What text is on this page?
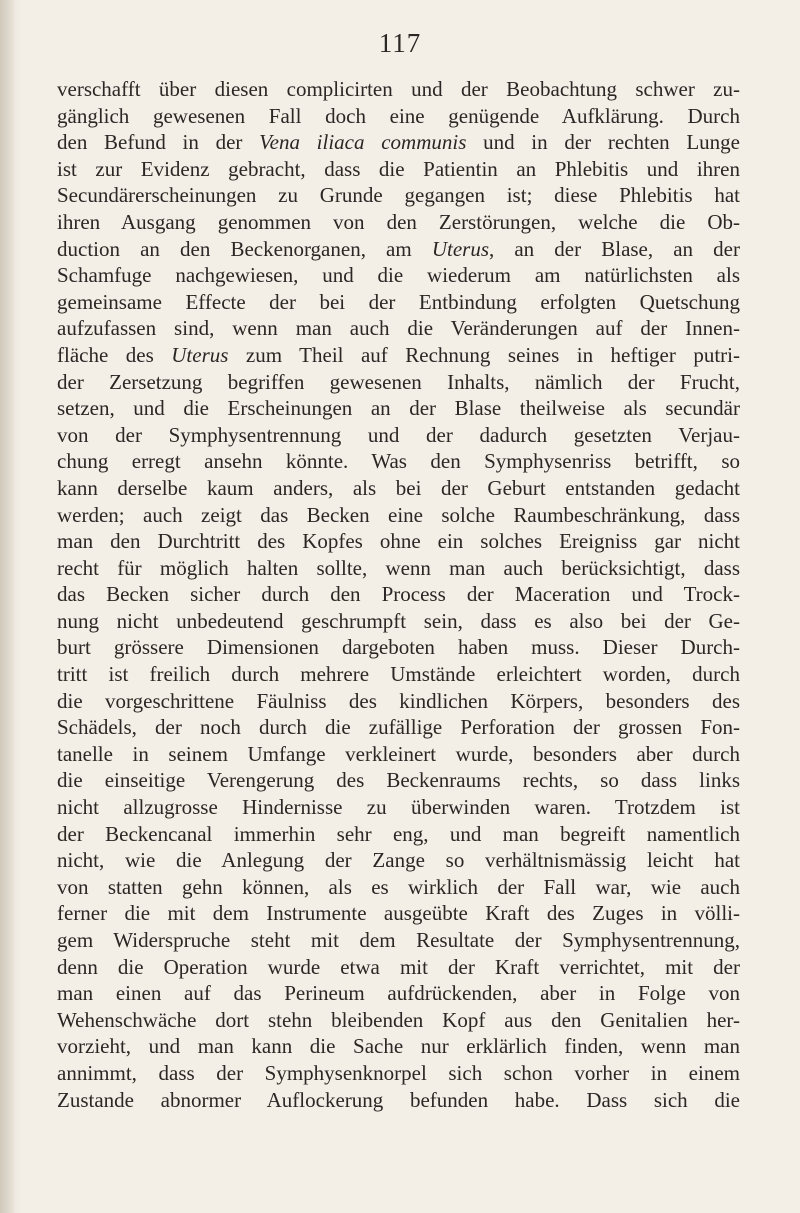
117
verschafft über diesen complicirten und der Beobachtung schwer zu-
gänglich gewesenen Fall doch eine genügende Aufklärung. Durch
den Befund in der Vena iliaca communis und in der rechten Lunge
ist zur Evidenz gebracht, dass die Patientin an Phlebitis und ihren
Secundärerscheinungen zu Grunde gegangen ist; diese Phlebitis hat
ihren Ausgang genommen von den Zerstörungen, welche die Ob-
duction an den Beckenorganen, am Uterus, an der Blase, an der
Schamfuge nachgewiesen, und die wiederum am natürlichsten als
gemeinsame Effecte der bei der Entbindung erfolgten Quetschung
aufzufassen sind, wenn man auch die Veränderungen auf der Innen-
fläche des Uterus zum Theil auf Rechnung seines in heftiger putri-
der Zersetzung begriffen gewesenen Inhalts, nämlich der Frucht,
setzen, und die Erscheinungen an der Blase theilweise als secundär
von der Symphysentrennung und der dadurch gesetzten Verjau-
chung erregt ansehn könnte. Was den Symphysenriss betrifft, so
kann derselbe kaum anders, als bei der Geburt entstanden gedacht
werden; auch zeigt das Becken eine solche Raumbeschränkung, dass
man den Durchtritt des Kopfes ohne ein solches Ereigniss gar nicht
recht für möglich halten sollte, wenn man auch berücksichtigt, dass
das Becken sicher durch den Process der Maceration und Trock-
nung nicht unbedeutend geschrumpft sein, dass es also bei der Ge-
burt grössere Dimensionen dargeboten haben muss. Dieser Durch-
tritt ist freilich durch mehrere Umstände erleichtert worden, durch
die vorgeschrittene Fäulniss des kindlichen Körpers, besonders des
Schädels, der noch durch die zufällige Perforation der grossen Fon-
tanelle in seinem Umfange verkleinert wurde, besonders aber durch
die einseitige Verengerung des Beckenraums rechts, so dass links
nicht allzugrosse Hindernisse zu überwinden waren. Trotzdem ist
der Beckencanal immerhin sehr eng, und man begreift namentlich
nicht, wie die Anlegung der Zange so verhältnismässig leicht hat
von statten gehn können, als es wirklich der Fall war, wie auch
ferner die mit dem Instrumente ausgeübte Kraft des Zuges in völli-
gem Widerspruche steht mit dem Resultate der Symphysentrennung,
denn die Operation wurde etwa mit der Kraft verrichtet, mit der
man einen auf das Perineum aufdrückenden, aber in Folge von
Wehenschwäche dort stehn bleibenden Kopf aus den Genitalien her-
vorzieht, und man kann die Sache nur erklärlich finden, wenn man
annimmt, dass der Symphysenknorpel sich schon vorher in einem
Zustande abnormer Auflockerung befunden habe. Dass sich die
